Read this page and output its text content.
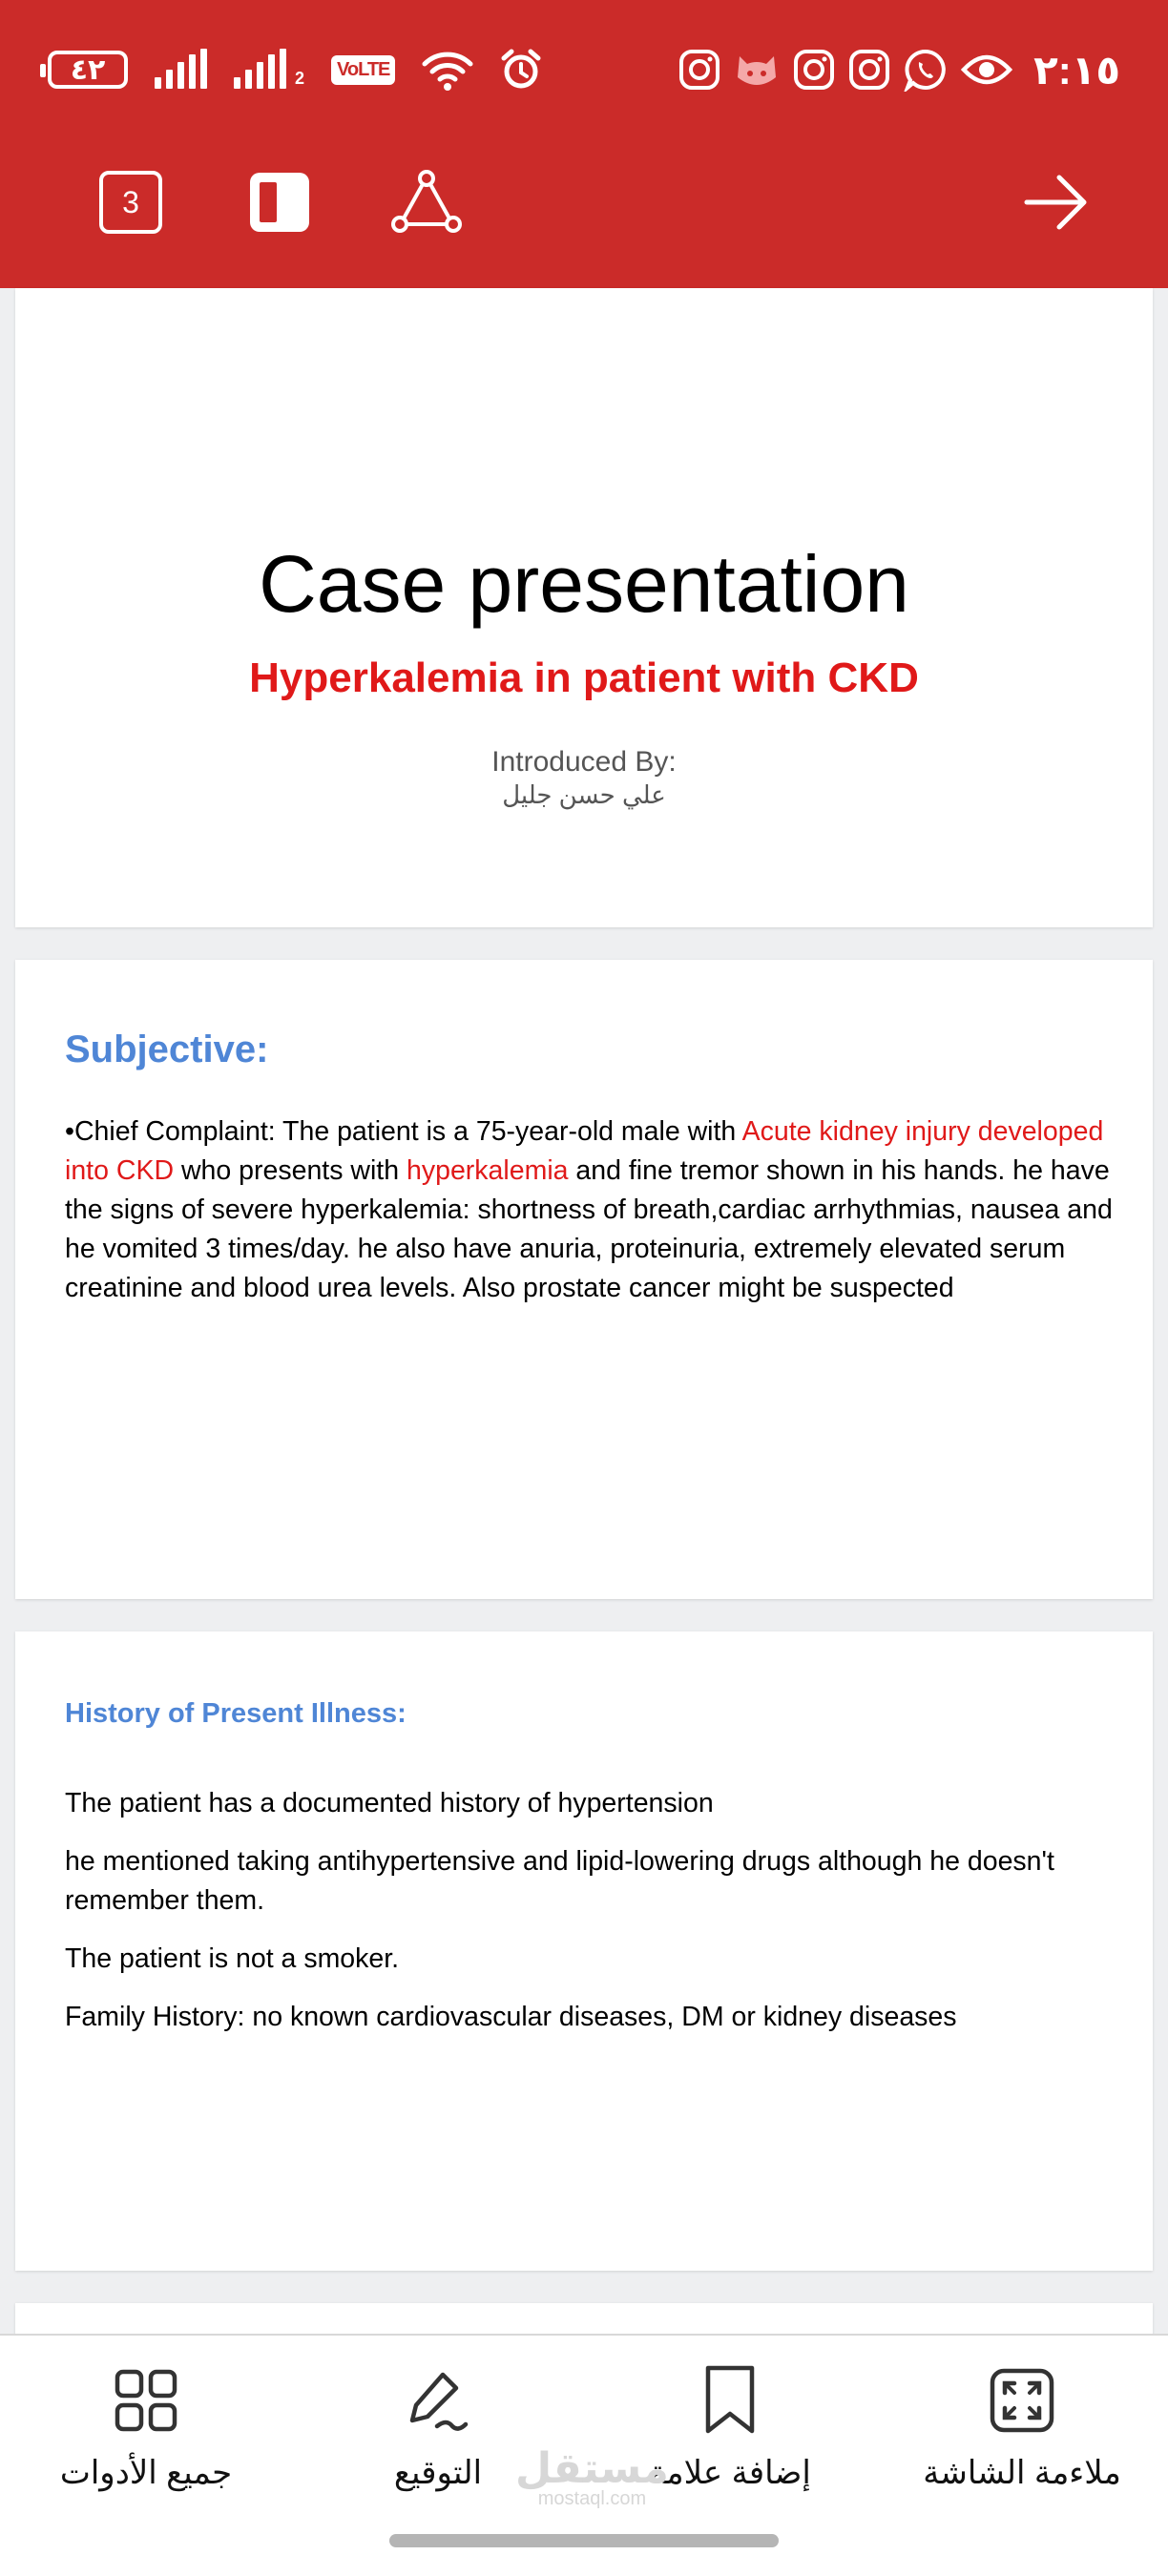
٤٢	2	VoLTE	٢:١٥
3
Case presentation
Hyperkalemia in patient with CKD
Introduced By:
علي حسن جليل
Subjective:
•Chief Complaint: The patient is a 75-year-old male with Acute kidney injury developed into CKD who presents with hyperkalemia and fine tremor shown in his hands. he have the signs of severe hyperkalemia: shortness of breath,cardiac arrhythmias, nausea and he vomited 3 times/day. he also have anuria, proteinuria, extremely elevated serum creatinine and blood urea levels. Also prostate cancer might be suspected
History of Present Illness:

The patient has a documented history of hypertension

he mentioned taking antihypertensive and lipid-lowering drugs although he doesn't remember them.

The patient is not a smoker.

Family History: no known cardiovascular diseases, DM or kidney diseases

جميع الأدوات	التوقيع	إضافة علامة	ملاءمة الشاشة
مستقل
mostaql.com
